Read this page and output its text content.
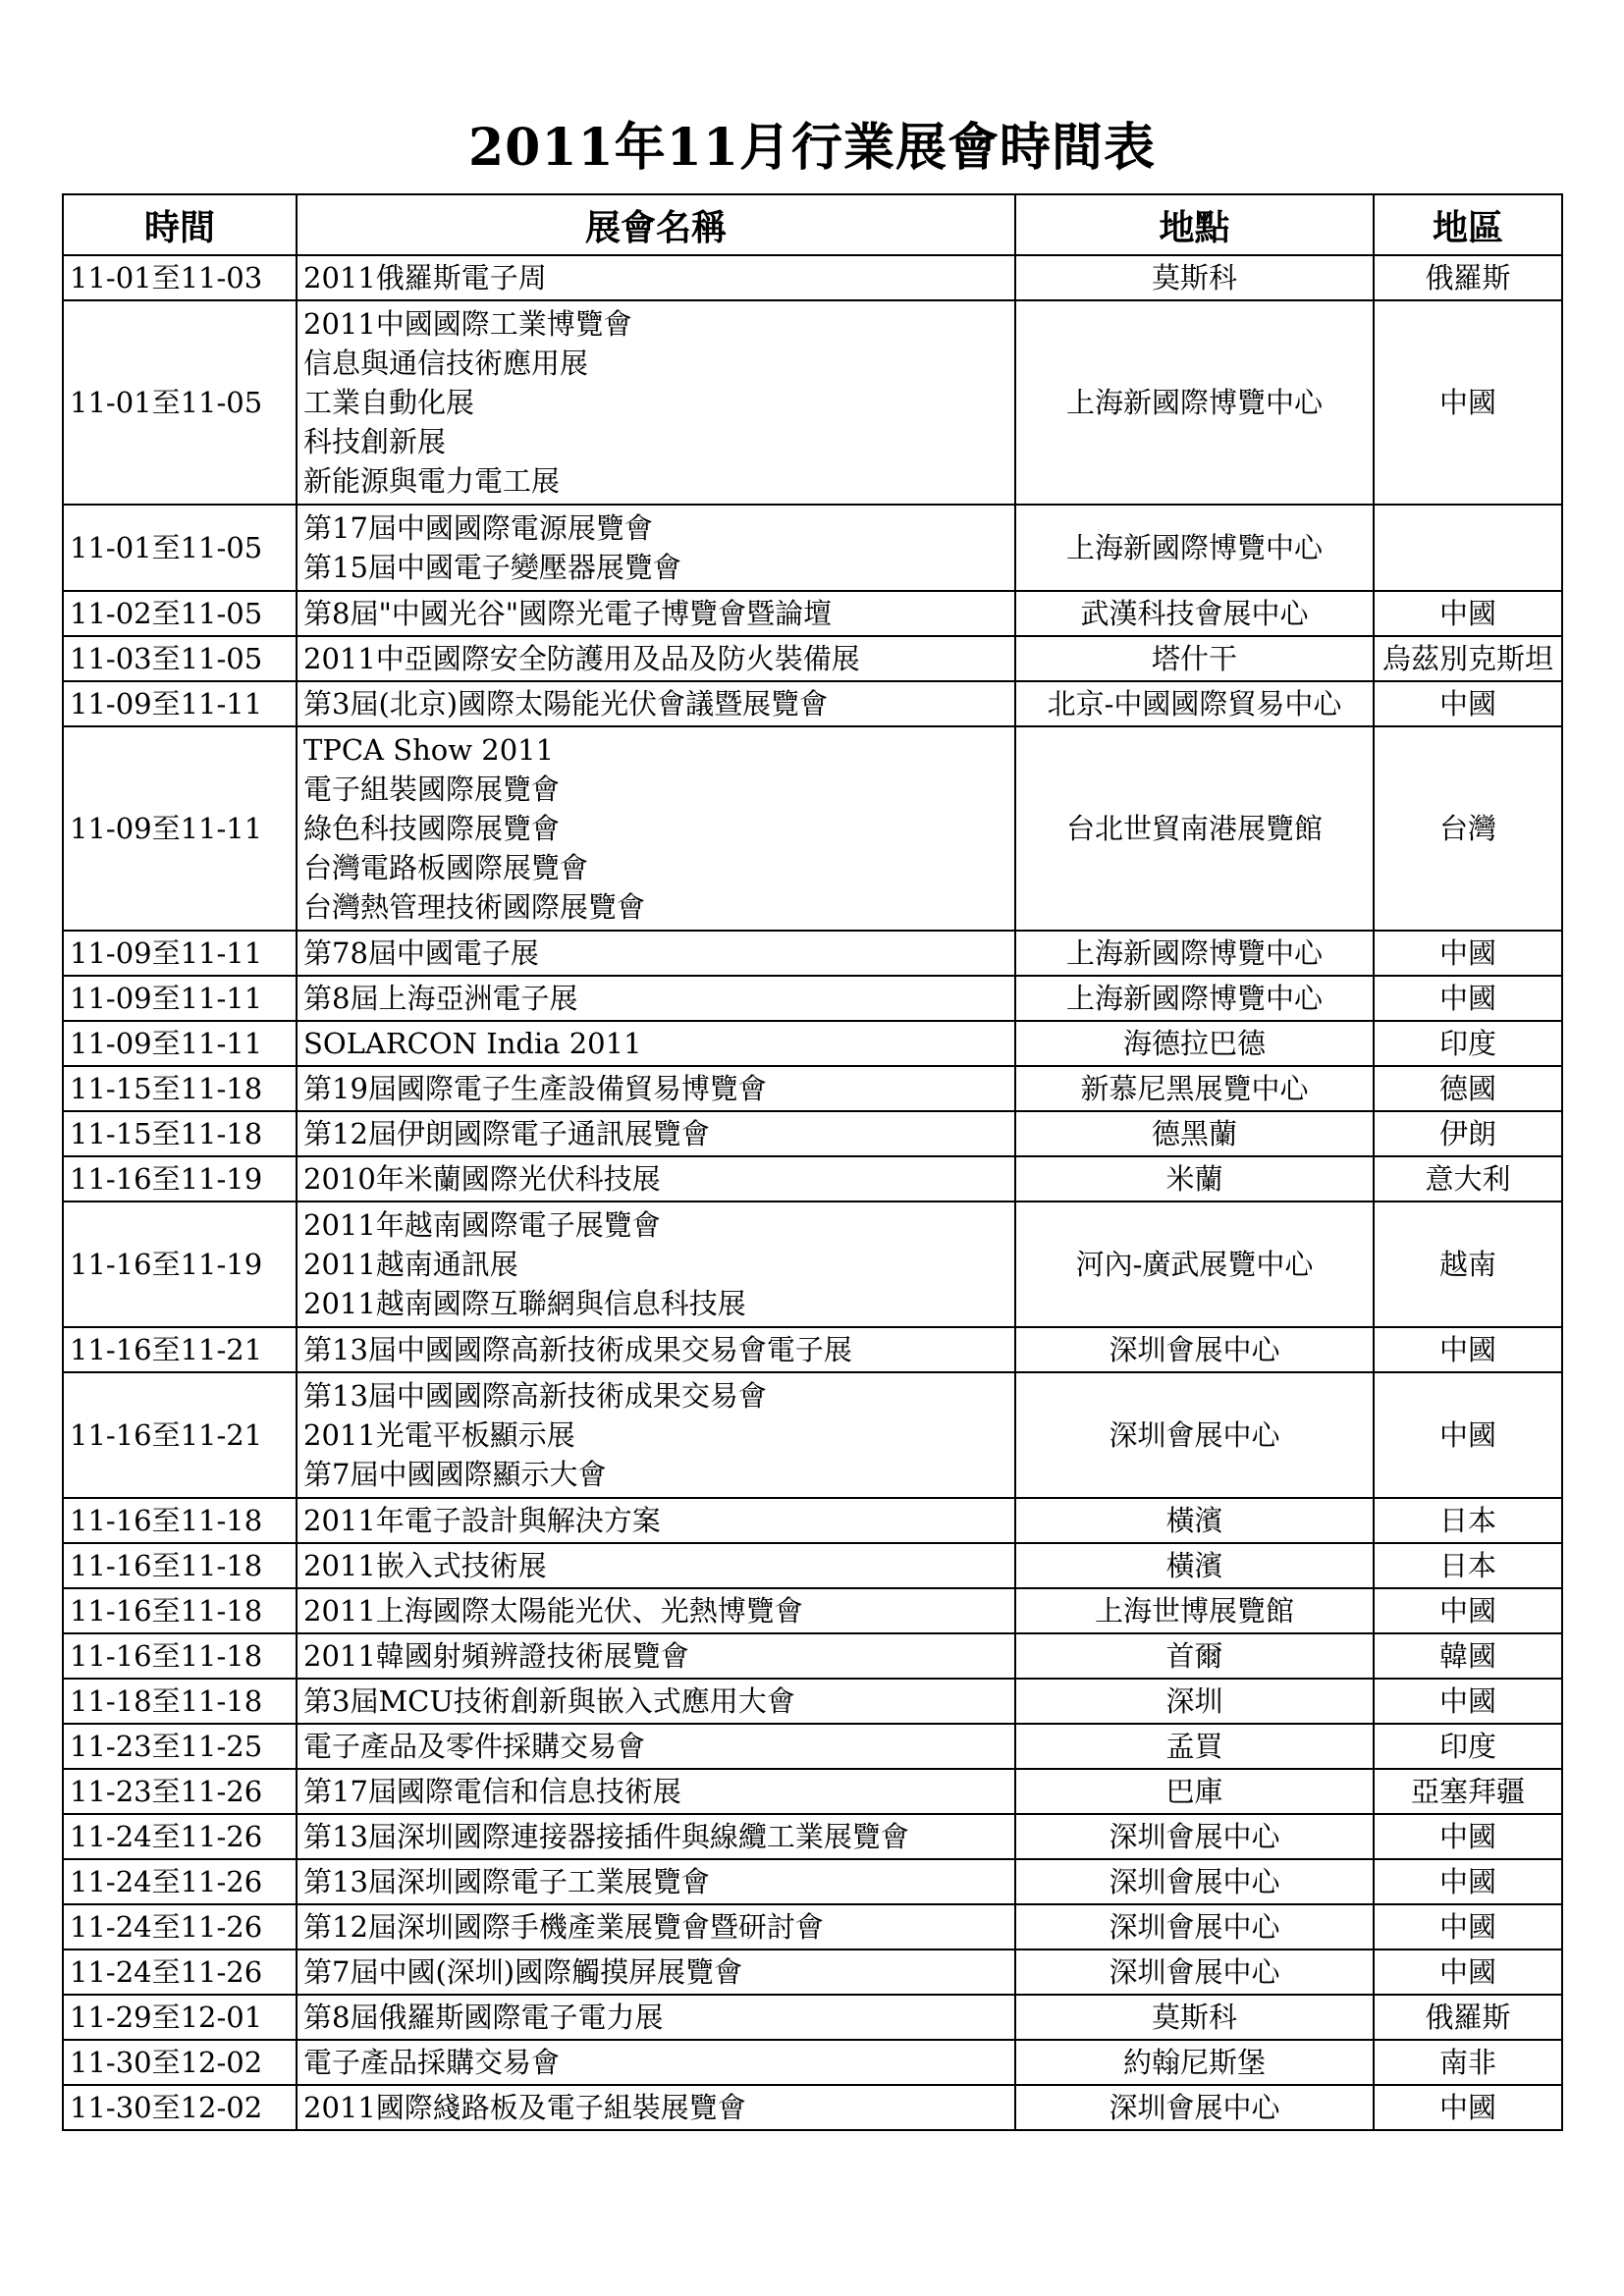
2011年11月行業展會時間表
時間	展會名稱	地點	地區
11-01至11-03	2011俄羅斯電子周	莫斯科	俄羅斯
11-01至11-05	2011中國國際工業博覽會
信息與通信技術應用展
工業自動化展
科技創新展
新能源與電力電工展	上海新國際博覽中心	中國
11-01至11-05	第17屆中國國際電源展覽會
第15屆中國電子變壓器展覽會	上海新國際博覽中心	
11-02至11-05	第8屆"中國光谷"國際光電子博覽會暨論壇	武漢科技會展中心	中國
11-03至11-05	2011中亞國際安全防護用及品及防火裝備展	塔什干	烏茲別克斯坦
11-09至11-11	第3屆(北京)國際太陽能光伏會議暨展覽會	北京-中國國際貿易中心	中國
11-09至11-11	TPCA Show 2011
電子組裝國際展覽會
綠色科技國際展覽會
台灣電路板國際展覽會
台灣熱管理技術國際展覽會	台北世貿南港展覽館	台灣
11-09至11-11	第78屆中國電子展	上海新國際博覽中心	中國
11-09至11-11	第8屆上海亞洲電子展	上海新國際博覽中心	中國
11-09至11-11	SOLARCON India 2011	海德拉巴德	印度
11-15至11-18	第19屆國際電子生產設備貿易博覽會	新慕尼黑展覽中心	德國
11-15至11-18	第12屆伊朗國際電子通訊展覽會	德黑蘭	伊朗
11-16至11-19	2010年米蘭國際光伏科技展	米蘭	意大利
11-16至11-19	2011年越南國際電子展覽會
2011越南通訊展
2011越南國際互聯網與信息科技展	河內-廣武展覽中心	越南
11-16至11-21	第13屆中國國際高新技術成果交易會電子展	深圳會展中心	中國
11-16至11-21	第13屆中國國際高新技術成果交易會
2011光電平板顯示展
第7屆中國國際顯示大會	深圳會展中心	中國
11-16至11-18	2011年電子設計與解決方案	橫濱	日本
11-16至11-18	2011嵌入式技術展	橫濱	日本
11-16至11-18	2011上海國際太陽能光伏、光熱博覽會	上海世博展覽館	中國
11-16至11-18	2011韓國射頻辨證技術展覽會	首爾	韓國
11-18至11-18	第3屆MCU技術創新與嵌入式應用大會	深圳	中國
11-23至11-25	電子產品及零件採購交易會	孟買	印度
11-23至11-26	第17屆國際電信和信息技術展	巴庫	亞塞拜疆
11-24至11-26	第13屆深圳國際連接器接插件與線纜工業展覽會	深圳會展中心	中國
11-24至11-26	第13屆深圳國際電子工業展覽會	深圳會展中心	中國
11-24至11-26	第12屆深圳國際手機產業展覽會暨研討會	深圳會展中心	中國
11-24至11-26	第7屆中國(深圳)國際觸摸屏展覽會	深圳會展中心	中國
11-29至12-01	第8屆俄羅斯國際電子電力展	莫斯科	俄羅斯
11-30至12-02	電子產品採購交易會	約翰尼斯堡	南非
11-30至12-02	2011國際綫路板及電子組裝展覽會	深圳會展中心	中國
